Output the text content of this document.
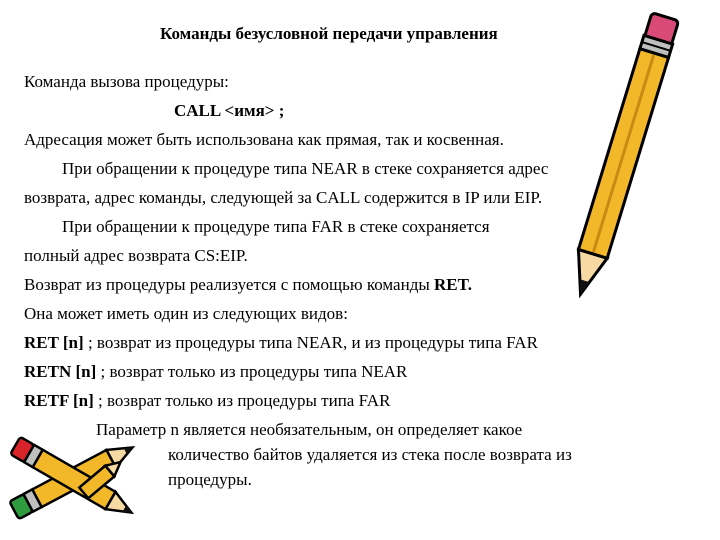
Команды безусловной передачи управления
Команда вызова процедуры:
CALL <имя> ;
Адресация может быть использована как прямая, так и косвенная.
При обращении к процедуре типа NEAR в стеке сохраняется адрес
возврата, адрес команды, следующей за CALL содержится в IP или EIP.
При обращении к процедуре типа FAR в стеке сохраняется
полный адрес возврата CS:EIP.
Возврат из процедуры реализуется с помощью команды RET.
Она может иметь один из следующих видов:
RET [n] ; возврат из процедуры типа NEAR, и из процедуры типа FAR
RETN [n] ; возврат только из процедуры типа NEAR
RETF [n] ; возврат только из процедуры типа FAR
Параметр n является необязательным, он определяет какое
количество байтов удаляется из стека после возврата из
процедуры.
